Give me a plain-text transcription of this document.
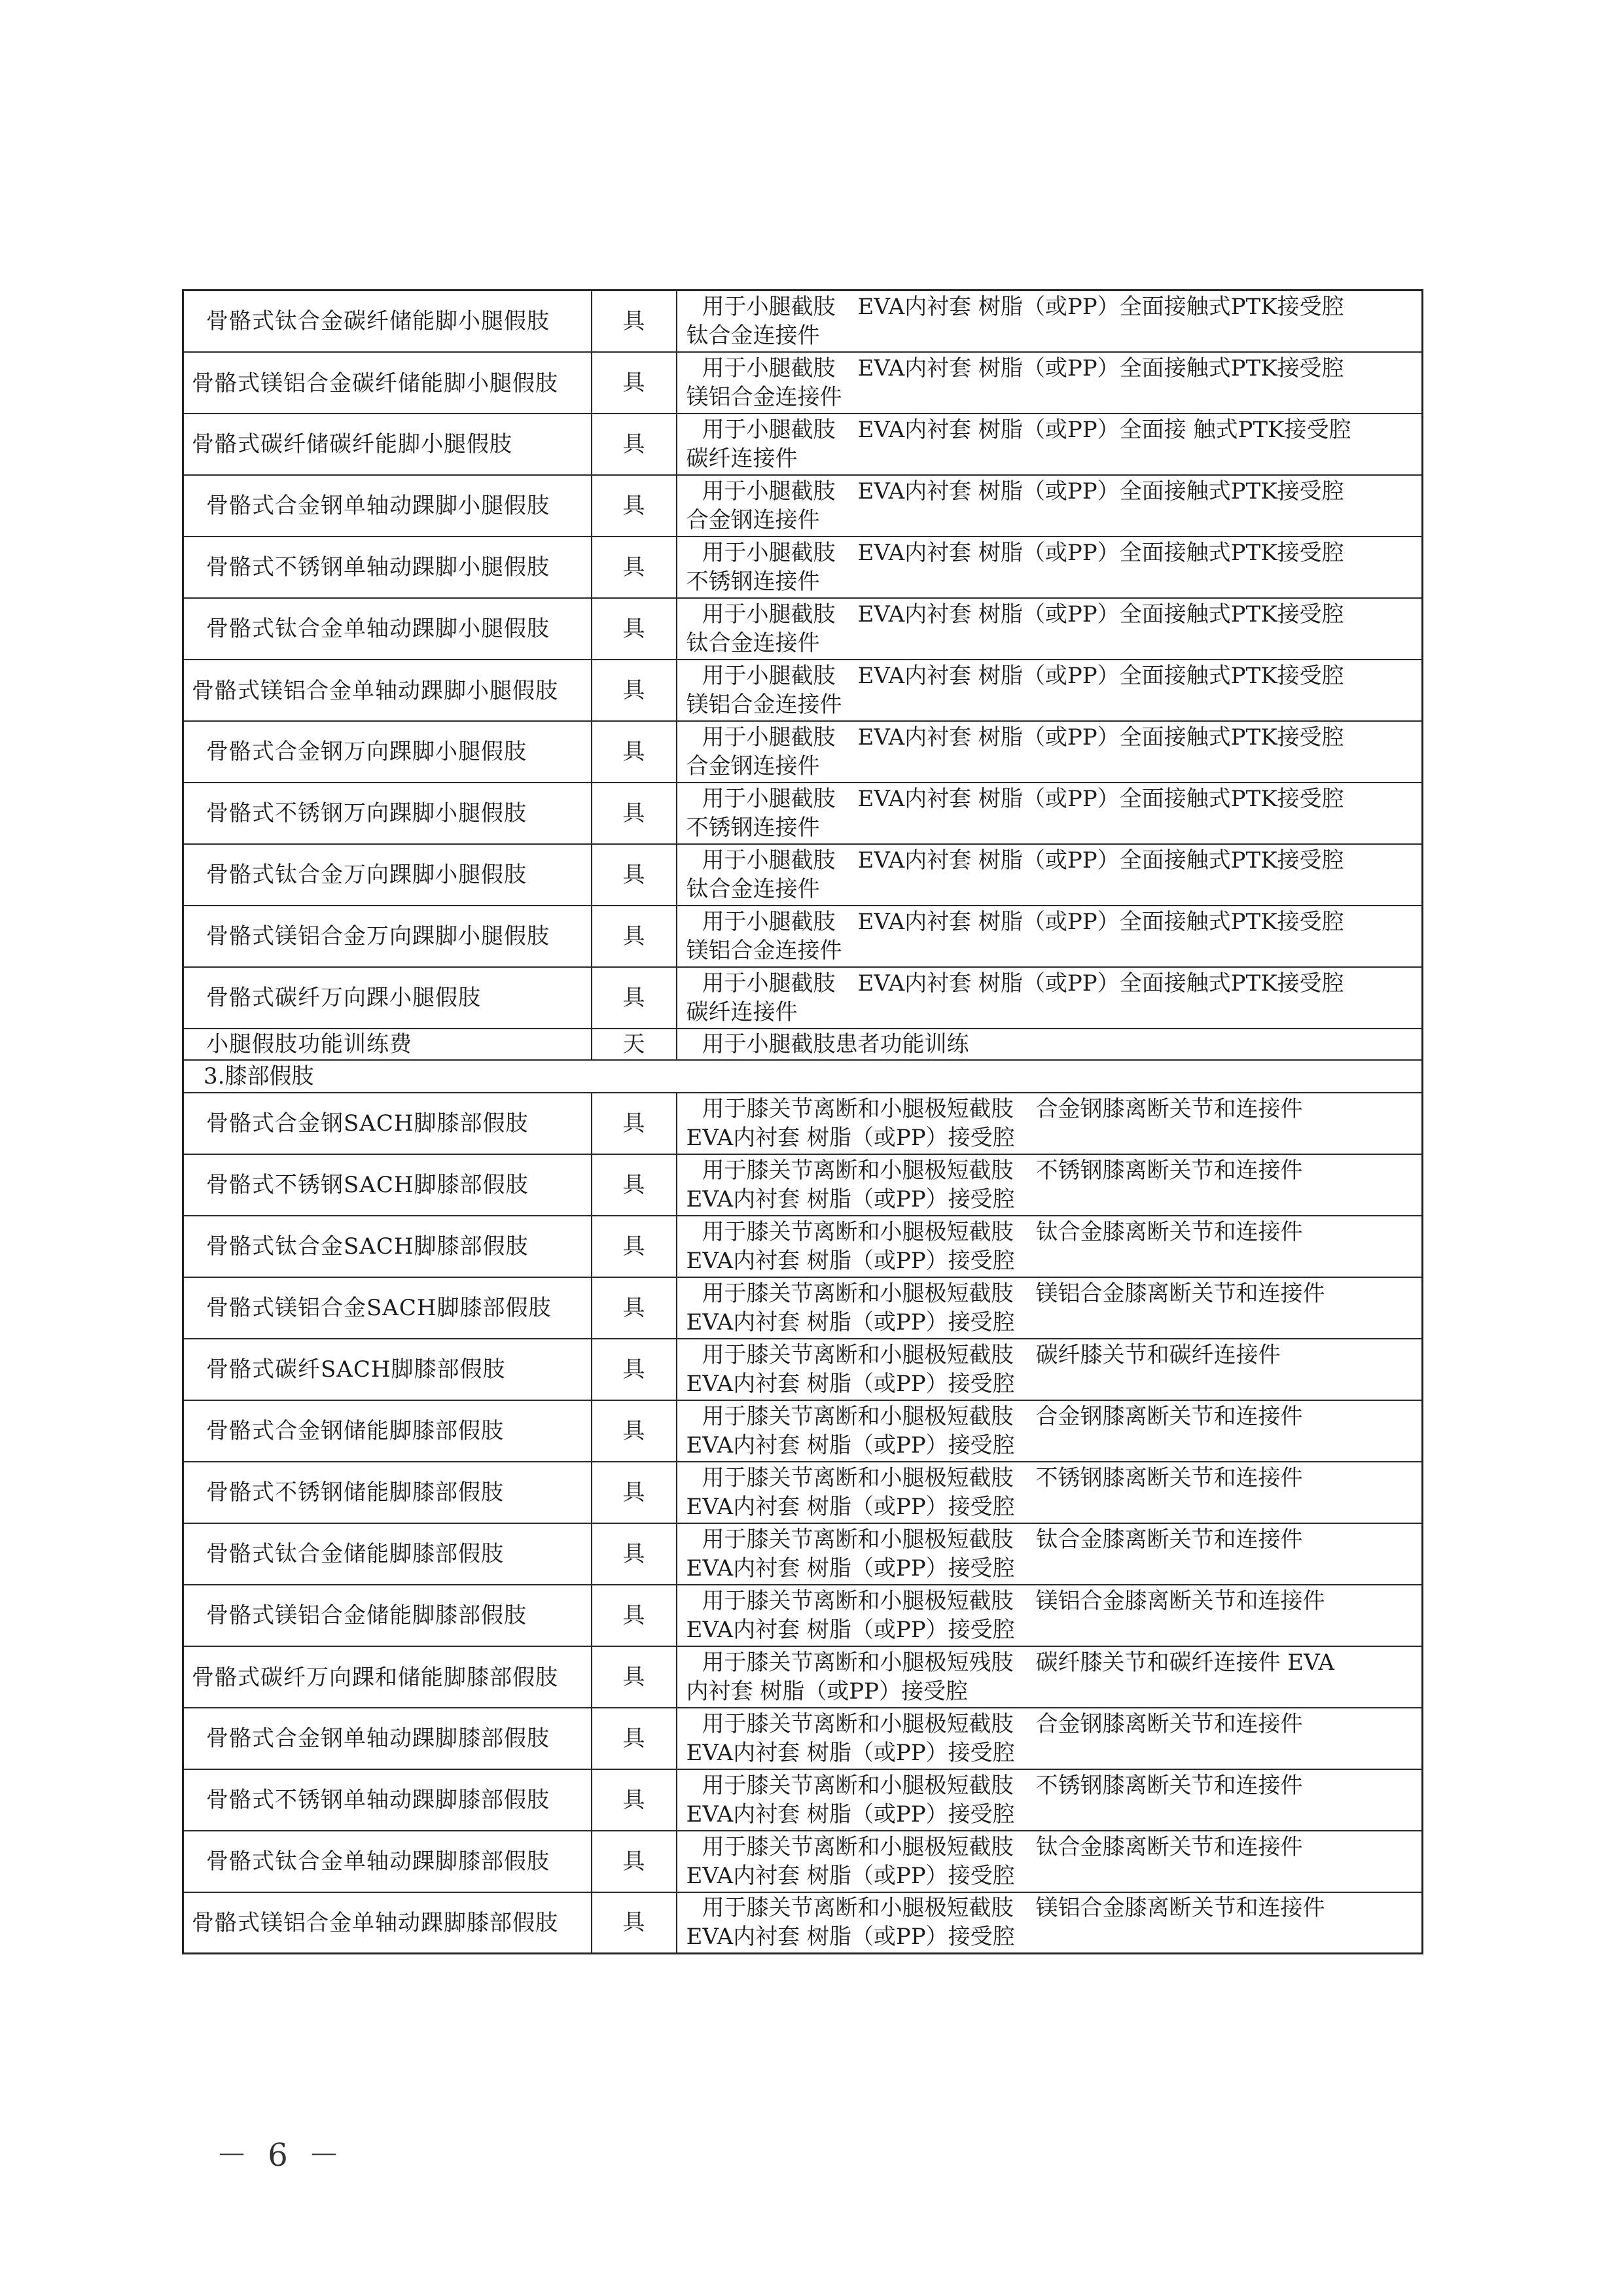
骨骼式钛合金碳纤储能脚小腿假肢	具	用于小腿截肢　EVA内衬套 树脂（或PP）全面接触式PTK接受腔
钛合金连接件

骨骼式镁铝合金碳纤储能脚小腿假肢	具	用于小腿截肢　EVA内衬套 树脂（或PP）全面接触式PTK接受腔
镁铝合金连接件

骨骼式碳纤储碳纤能脚小腿假肢	具	用于小腿截肢　EVA内衬套 树脂（或PP）全面接 触式PTK接受腔
碳纤连接件

骨骼式合金钢单轴动踝脚小腿假肢	具	用于小腿截肢　EVA内衬套 树脂（或PP）全面接触式PTK接受腔
合金钢连接件

骨骼式不锈钢单轴动踝脚小腿假肢	具	用于小腿截肢　EVA内衬套 树脂（或PP）全面接触式PTK接受腔
不锈钢连接件

骨骼式钛合金单轴动踝脚小腿假肢	具	用于小腿截肢　EVA内衬套 树脂（或PP）全面接触式PTK接受腔
钛合金连接件

骨骼式镁铝合金单轴动踝脚小腿假肢	具	用于小腿截肢　EVA内衬套 树脂（或PP）全面接触式PTK接受腔
镁铝合金连接件

骨骼式合金钢万向踝脚小腿假肢	具	用于小腿截肢　EVA内衬套 树脂（或PP）全面接触式PTK接受腔
合金钢连接件

骨骼式不锈钢万向踝脚小腿假肢	具	用于小腿截肢　EVA内衬套 树脂（或PP）全面接触式PTK接受腔
不锈钢连接件

骨骼式钛合金万向踝脚小腿假肢	具	用于小腿截肢　EVA内衬套 树脂（或PP）全面接触式PTK接受腔
钛合金连接件

骨骼式镁铝合金万向踝脚小腿假肢	具	用于小腿截肢　EVA内衬套 树脂（或PP）全面接触式PTK接受腔
镁铝合金连接件

骨骼式碳纤万向踝小腿假肢	具	用于小腿截肢　EVA内衬套 树脂（或PP）全面接触式PTK接受腔
碳纤连接件

小腿假肢功能训练费	天	用于小腿截肢患者功能训练

3.膝部假肢		
骨骼式合金钢SACH脚膝部假肢	具	用于膝关节离断和小腿极短截肢　合金钢膝离断关节和连接件
EVA内衬套 树脂（或PP）接受腔

骨骼式不锈钢SACH脚膝部假肢	具	用于膝关节离断和小腿极短截肢　不锈钢膝离断关节和连接件
EVA内衬套 树脂（或PP）接受腔

骨骼式钛合金SACH脚膝部假肢	具	用于膝关节离断和小腿极短截肢　钛合金膝离断关节和连接件
EVA内衬套 树脂（或PP）接受腔

骨骼式镁铝合金SACH脚膝部假肢	具	用于膝关节离断和小腿极短截肢　镁铝合金膝离断关节和连接件
EVA内衬套 树脂（或PP）接受腔

骨骼式碳纤SACH脚膝部假肢	具	用于膝关节离断和小腿极短截肢　碳纤膝关节和碳纤连接件
EVA内衬套 树脂（或PP）接受腔

骨骼式合金钢储能脚膝部假肢	具	用于膝关节离断和小腿极短截肢　合金钢膝离断关节和连接件
EVA内衬套 树脂（或PP）接受腔

骨骼式不锈钢储能脚膝部假肢	具	用于膝关节离断和小腿极短截肢　不锈钢膝离断关节和连接件
EVA内衬套 树脂（或PP）接受腔

骨骼式钛合金储能脚膝部假肢	具	用于膝关节离断和小腿极短截肢　钛合金膝离断关节和连接件
EVA内衬套 树脂（或PP）接受腔

骨骼式镁铝合金储能脚膝部假肢	具	用于膝关节离断和小腿极短截肢　镁铝合金膝离断关节和连接件
EVA内衬套 树脂（或PP）接受腔

骨骼式碳纤万向踝和储能脚膝部假肢	具	用于膝关节离断和小腿极短残肢　碳纤膝关节和碳纤连接件 EVA
内衬套 树脂（或PP）接受腔

骨骼式合金钢单轴动踝脚膝部假肢	具	用于膝关节离断和小腿极短截肢　合金钢膝离断关节和连接件
EVA内衬套 树脂（或PP）接受腔

骨骼式不锈钢单轴动踝脚膝部假肢	具	用于膝关节离断和小腿极短截肢　不锈钢膝离断关节和连接件
EVA内衬套 树脂（或PP）接受腔

骨骼式钛合金单轴动踝脚膝部假肢	具	用于膝关节离断和小腿极短截肢　钛合金膝离断关节和连接件
EVA内衬套 树脂（或PP）接受腔

骨骼式镁铝合金单轴动踝脚膝部假肢	具	用于膝关节离断和小腿极短截肢　镁铝合金膝离断关节和连接件
EVA内衬套 树脂（或PP）接受腔
－ 6 －
